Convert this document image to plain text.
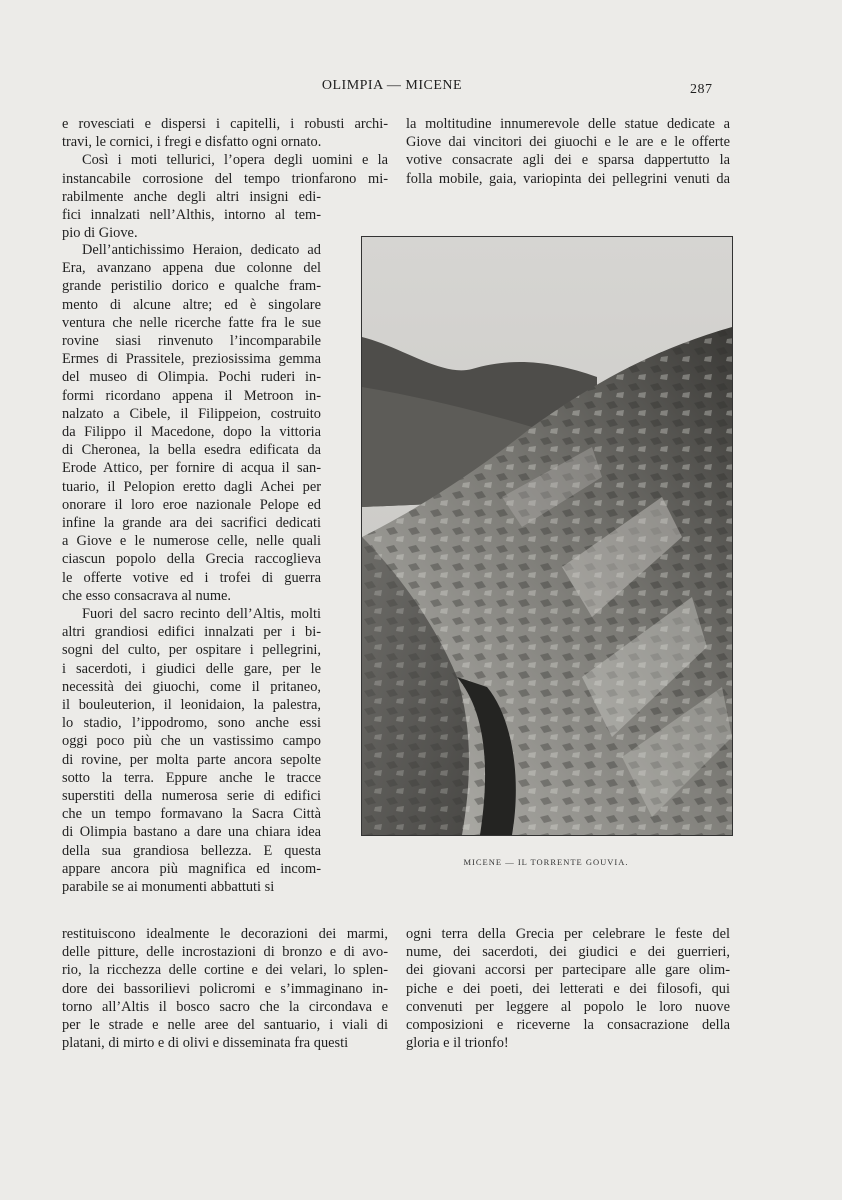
OLIMPIA — MICENE	287
e rovesciati e dispersi i capitelli, i robusti archi-
travi, le cornici, i fregi e disfatto ogni ornato.
Così i moti tellurici, l’opera degli uomini e la
instancabile corrosione del tempo trionfarono mi-
rabilmente anche degli altri insigni edi-
fici innalzati nell’Althis, intorno al tem-
pio di Giove.
Dell’antichissimo Heraion, dedicato ad
Era, avanzano appena due colonne del
grande peristilio dorico e qualche fram-
mento di alcune altre; ed è singolare
ventura che nelle ricerche fatte fra le sue
rovine siasi rinvenuto l’incomparabile
Ermes di Prassitele, preziosissima gemma
del museo di Olimpia. Pochi ruderi in-
formi ricordano appena il Metroon in-
nalzato a Cibele, il Filippeion, costruito
da Filippo il Macedone, dopo la vittoria
di Cheronea, la bella esedra edificata da
Erode Attico, per fornire di acqua il san-
tuario, il Pelopion eretto dagli Achei per
onorare il loro eroe nazionale Pelope ed
infine la grande ara dei sacrifici dedicati
a Giove e le numerose celle, nelle quali
ciascun popolo della Grecia raccoglieva
le offerte votive ed i trofei di guerra
che esso consacrava al nume.
Fuori del sacro recinto dell’Altis, molti
altri grandiosi edifici innalzati per i bi-
sogni del culto, per ospitare i pellegrini,
i sacerdoti, i giudici delle gare, per le
necessità dei giuochi, come il pritaneo,
il bouleuterion, il leonidaion, la palestra,
lo stadio, l’ippodromo, sono anche essi
oggi poco più che un vastissimo campo
di rovine, per molta parte ancora sepolte
sotto la terra. Eppure anche le tracce
superstiti della numerosa serie di edifici
che un tempo formavano la Sacra Città
di Olimpia bastano a dare una chiara idea
della sua grandiosa bellezza. E questa
appare ancora più magnifica ed incom-
parabile se ai monumenti abbattuti si
restituiscono idealmente le decorazioni dei marmi,
delle pitture, delle incrostazioni di bronzo e di avo-
rio, la ricchezza delle cortine e dei velari, lo splen-
dore dei bassorilievi policromi e s’immaginano in-
torno all’Altis il bosco sacro che la circondava e
per le strade e nelle aree del santuario, i viali di
platani, di mirto e di olivi e disseminata fra questi
la moltitudine innumerevole delle statue dedicate a
Giove dai vincitori dei giuochi e le are e le offerte
votive consacrate agli dei e sparsa dappertutto la
folla mobile, gaia, variopinta dei pellegrini venuti da
ogni terra della Grecia per celebrare le feste del
nume, dei sacerdoti, dei giudici e dei guerrieri,
dei giovani accorsi per partecipare alle gare olim-
piche e dei poeti, dei letterati e dei filosofi, qui
convenuti per leggere al popolo le loro nuove
composizioni e riceverne la consacrazione della
gloria e il trionfo!
MICENE — IL TORRENTE GOUVIA.
